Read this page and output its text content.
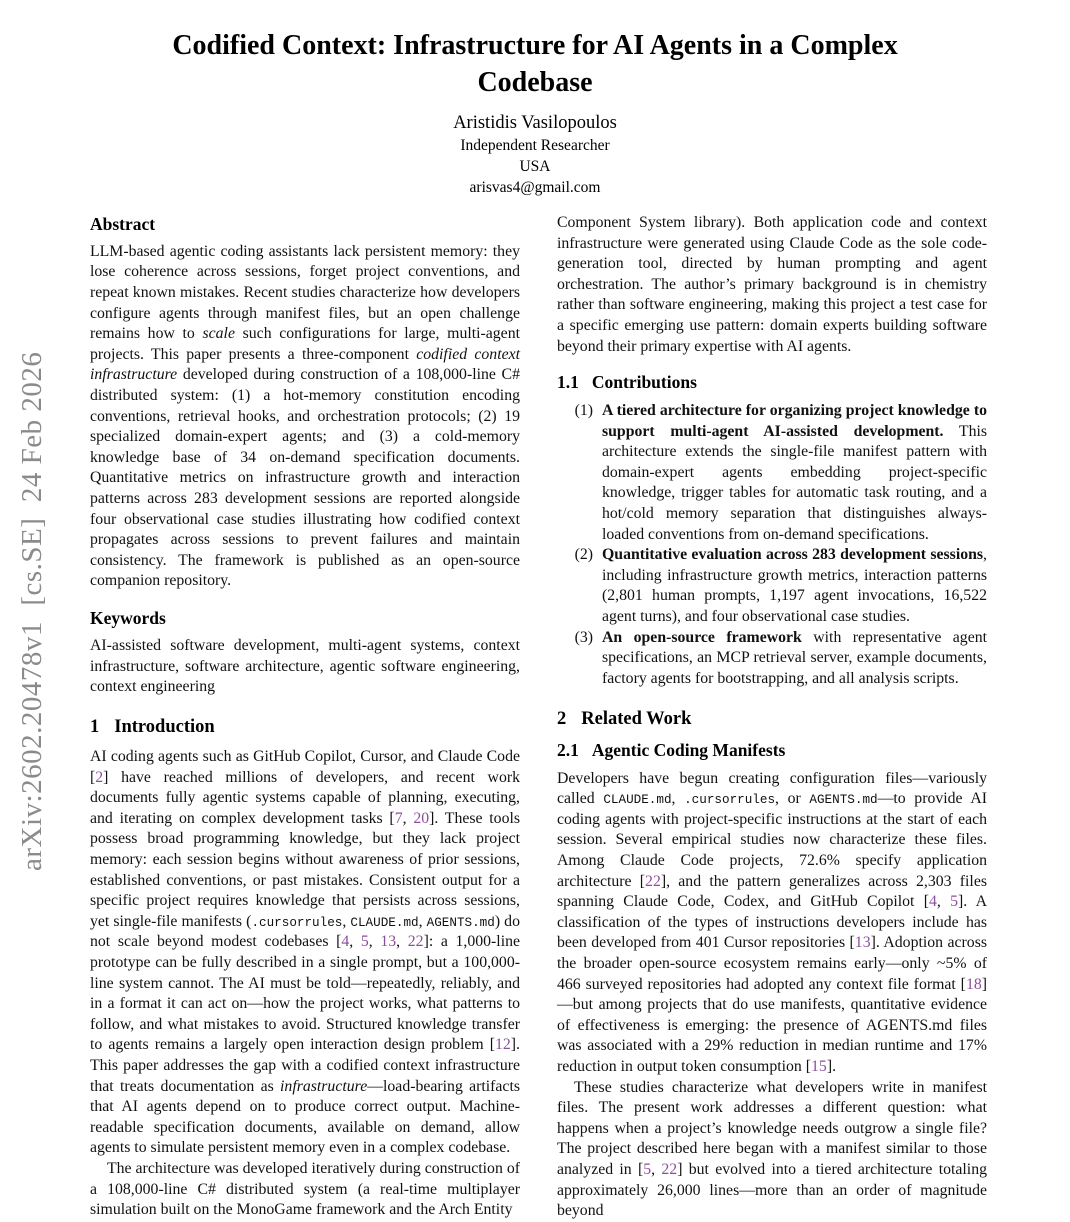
arXiv:2602.20478v1  [cs.SE]  24 Feb 2026
Codified Context: Infrastructure for AI Agents in a Complex Codebase
Aristidis Vasilopoulos
Independent Researcher
USA
arisvas4@gmail.com
Abstract

LLM-based agentic coding assistants lack persistent memory: they lose coherence across sessions, forget project conventions, and repeat known mistakes. Recent studies characterize how developers configure agents through manifest files, but an open challenge remains how to scale such configurations for large, multi-agent projects. This paper presents a three-component codified context infrastructure developed during construction of a 108,000-line C# distributed system: (1) a hot-memory constitution encoding conventions, retrieval hooks, and orchestration protocols; (2) 19 specialized domain-expert agents; and (3) a cold-memory knowledge base of 34 on-demand specification documents. Quantitative metrics on infrastructure growth and interaction patterns across 283 development sessions are reported alongside four observational case studies illustrating how codified context propagates across sessions to prevent failures and maintain consistency. The framework is published as an open-source companion repository.

Keywords

AI-assisted software development, multi-agent systems, context infrastructure, software architecture, agentic software engineering, context engineering

1 Introduction

AI coding agents such as GitHub Copilot, Cursor, and Claude Code [2] have reached millions of developers, and recent work documents fully agentic systems capable of planning, executing, and iterating on complex development tasks [7, 20]. These tools possess broad programming knowledge, but they lack project memory: each session begins without awareness of prior sessions, established conventions, or past mistakes. Consistent output for a specific project requires knowledge that persists across sessions, yet single-file manifests (.cursorrules, CLAUDE.md, AGENTS.md) do not scale beyond modest codebases [4, 5, 13, 22]: a 1,000-line prototype can be fully described in a single prompt, but a 100,000-line system cannot. The AI must be told—repeatedly, reliably, and in a format it can act on—how the project works, what patterns to follow, and what mistakes to avoid. Structured knowledge transfer to agents remains a largely open interaction design problem [12]. This paper addresses the gap with a codified context infrastructure that treats documentation as infrastructure—load-bearing artifacts that AI agents depend on to produce correct output. Machine-readable specification documents, available on demand, allow agents to simulate persistent memory even in a complex codebase.

The architecture was developed iteratively during construction of a 108,000-line C# distributed system (a real-time multiplayer simulation built on the MonoGame framework and the Arch Entity

Component System library). Both application code and context infrastructure were generated using Claude Code as the sole code-generation tool, directed by human prompting and agent orchestration. The author’s primary background is in chemistry rather than software engineering, making this project a test case for a specific emerging use pattern: domain experts building software beyond their primary expertise with AI agents.

1.1 Contributions
(1) A tiered architecture for organizing project knowledge to support multi-agent AI-assisted development. This architecture extends the single-file manifest pattern with domain-expert agents embedding project-specific knowledge, trigger tables for automatic task routing, and a hot/cold memory separation that distinguishes always-loaded conventions from on-demand specifications.
(2) Quantitative evaluation across 283 development sessions, including infrastructure growth metrics, interaction patterns (2,801 human prompts, 1,197 agent invocations, 16,522 agent turns), and four observational case studies.
(3) An open-source framework with representative agent specifications, an MCP retrieval server, example documents, factory agents for bootstrapping, and all analysis scripts.
2 Related Work
2.1 Agentic Coding Manifests

Developers have begun creating configuration files—variously called CLAUDE.md, .cursorrules, or AGENTS.md—to provide AI coding agents with project-specific instructions at the start of each session. Several empirical studies now characterize these files. Among Claude Code projects, 72.6% specify application architecture [22], and the pattern generalizes across 2,303 files spanning Claude Code, Codex, and GitHub Copilot [4, 5]. A classification of the types of instructions developers include has been developed from 401 Cursor repositories [13]. Adoption across the broader open-source ecosystem remains early—only ~5% of 466 surveyed repositories had adopted any context file format [18]—but among projects that do use manifests, quantitative evidence of effectiveness is emerging: the presence of AGENTS.md files was associated with a 29% reduction in median runtime and 17% reduction in output token consumption [15].

These studies characterize what developers write in manifest files. The present work addresses a different question: what happens when a project’s knowledge needs outgrow a single file? The project described here began with a manifest similar to those analyzed in [5, 22] but evolved into a tiered architecture totaling approximately 26,000 lines—more than an order of magnitude beyond
